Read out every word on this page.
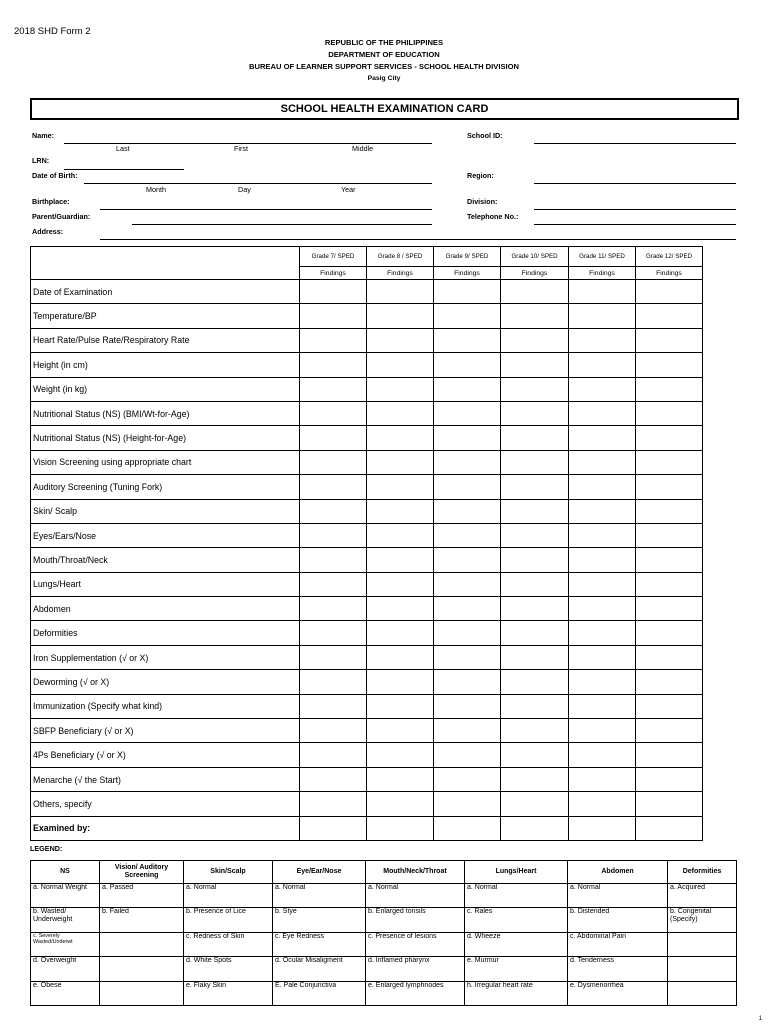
2018 SHD Form 2
REPUBLIC OF THE PHILIPPINES
DEPARTMENT OF EDUCATION
BUREAU OF LEARNER SUPPORT SERVICES - SCHOOL HEALTH DIVISION
Pasig City
SCHOOL HEALTH EXAMINATION CARD
Name:
Last	First	Middle
School ID:
LRN:
Date of Birth:
Month	Day	Year
Region:
Birthplace:	Division:
Parent/Guardian:	Telephone No.:
Address:
	Grade 7/ SPED	Grade 8 / SPED	Grade 9/ SPED	Grade 10/ SPED	Grade 11/ SPED	Grade 12/ SPED
	Findings	Findings	Findings	Findings	Findings	Findings
Date of Examination						
Temperature/BP						
Heart Rate/Pulse Rate/Respiratory Rate						
Height (in cm)						
Weight (in kg)						
Nutritional Status (NS) (BMI/Wt-for-Age)						
Nutritional Status (NS) (Height-for-Age)						
Vision Screening using appropriate chart						
Auditory Screening (Tuning Fork)						
Skin/ Scalp						
Eyes/Ears/Nose						
Mouth/Throat/Neck						
Lungs/Heart						
Abdomen						
Deformities						
Iron Supplementation (√ or X)						
Deworming (√ or X)						
Immunization (Specify what kind)						
SBFP Beneficiary (√ or X)						
4Ps Beneficiary (√ or X)						
Menarche (√ the Start)						
Others, specify						
Examined by:						
LEGEND:
NS	Vision/ Auditory Screening	Skin/Scalp	Eye/Ear/Nose	Mouth/Neck/Throat	Lungs/Heart	Abdomen	Deformities
a. Normal Weight	a. Passed	a. Normal	a. Normal	a. Normal	a. Normal	a. Normal	a. Acquired
b. Wasted/ Underweight	b. Failed	b. Presence of Lice	b. Stye	b. Enlarged tonsils	c. Rales	b. Distended	b. Congenital (Specify)
c. Severely Wasted/Underwt		c. Redness of Skin	c. Eye Redness	c. Presence of lesions	d. Wheeze	c. Abdominal Pain	
d. Overweight		d. White Spots	d. Ocular Misaligment	d. Inflamed pharynx	e. Murmur	d. Tenderness	
e. Obese		e. Flaky Skin	E. Pale Conjunctiva	e. Enlarged lymphnodes	h. Irregular heart rate	e. Dysmenorrhea	
1
